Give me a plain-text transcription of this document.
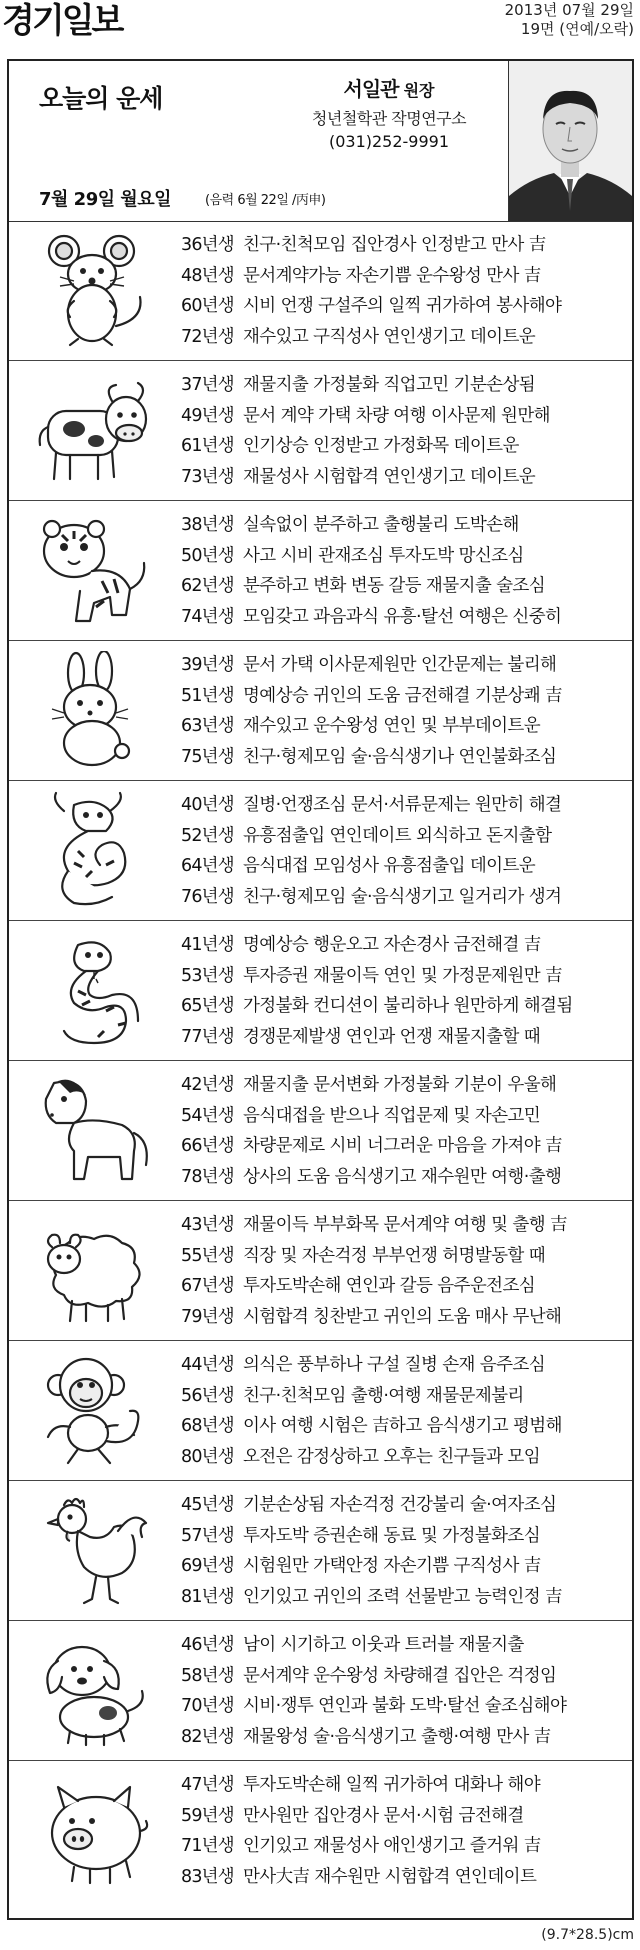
경기일보	2013년 07월 29일
19면 (연예/오락)
오늘의 운세	서일관 원장
청년철학관 작명연구소
(031)252-9991
7월 29일 월요일	(음력 6월 22일 /丙申)
36년생 친구·친척모임 집안경사 인정받고 만사 吉
48년생 문서계약가능 자손기쁨 운수왕성 만사 吉
60년생 시비 언쟁 구설주의 일찍 귀가하여 봉사해야
72년생 재수있고 구직성사 연인생기고 데이트운
37년생 재물지출 가정불화 직업고민 기분손상됨
49년생 문서 계약 가택 차량 여행 이사문제 원만해
61년생 인기상승 인정받고 가정화목 데이트운
73년생 재물성사 시험합격 연인생기고 데이트운
38년생 실속없이 분주하고 출행불리 도박손해
50년생 사고 시비 관재조심 투자도박 망신조심
62년생 분주하고 변화 변동 갈등 재물지출 술조심
74년생 모임갖고 과음과식 유흥·탈선 여행은 신중히
39년생 문서 가택 이사문제원만 인간문제는 불리해
51년생 명예상승 귀인의 도움 금전해결 기분상쾌 吉
63년생 재수있고 운수왕성 연인 및 부부데이트운
75년생 친구·형제모임 술·음식생기나 연인불화조심
40년생 질병·언쟁조심 문서·서류문제는 원만히 해결
52년생 유흥점출입 연인데이트 외식하고 돈지출함
64년생 음식대접 모임성사 유흥점출입 데이트운
76년생 친구·형제모임 술·음식생기고 일거리가 생겨
41년생 명예상승 행운오고 자손경사 금전해결 吉
53년생 투자증권 재물이득 연인 및 가정문제원만 吉
65년생 가정불화 컨디션이 불리하나 원만하게 해결됨
77년생 경쟁문제발생 연인과 언쟁 재물지출할 때
42년생 재물지출 문서변화 가정불화 기분이 우울해
54년생 음식대접을 받으나 직업문제 및 자손고민
66년생 차량문제로 시비 너그러운 마음을 가져야 吉
78년생 상사의 도움 음식생기고 재수원만 여행·출행
43년생 재물이득 부부화목 문서계약 여행 및 출행 吉
55년생 직장 및 자손걱정 부부언쟁 허명발동할 때
67년생 투자도박손해 연인과 갈등 음주운전조심
79년생 시험합격 칭찬받고 귀인의 도움 매사 무난해
44년생 의식은 풍부하나 구설 질병 손재 음주조심
56년생 친구·친척모임 출행·여행 재물문제불리
68년생 이사 여행 시험은 吉하고 음식생기고 평범해
80년생 오전은 감정상하고 오후는 친구들과 모임
45년생 기분손상됨 자손걱정 건강불리 술·여자조심
57년생 투자도박 증권손해 동료 및 가정불화조심
69년생 시험원만 가택안정 자손기쁨 구직성사 吉
81년생 인기있고 귀인의 조력 선물받고 능력인정 吉
46년생 남이 시기하고 이웃과 트러블 재물지출
58년생 문서계약 운수왕성 차량해결 집안은 걱정임
70년생 시비·쟁투 연인과 불화 도박·탈선 술조심해야
82년생 재물왕성 술·음식생기고 출행·여행 만사 吉
47년생 투자도박손해 일찍 귀가하여 대화나 해야
59년생 만사원만 집안경사 문서·시험 금전해결
71년생 인기있고 재물성사 애인생기고 즐거워 吉
83년생 만사大吉 재수원만 시험합격 연인데이트
(9.7*28.5)cm
